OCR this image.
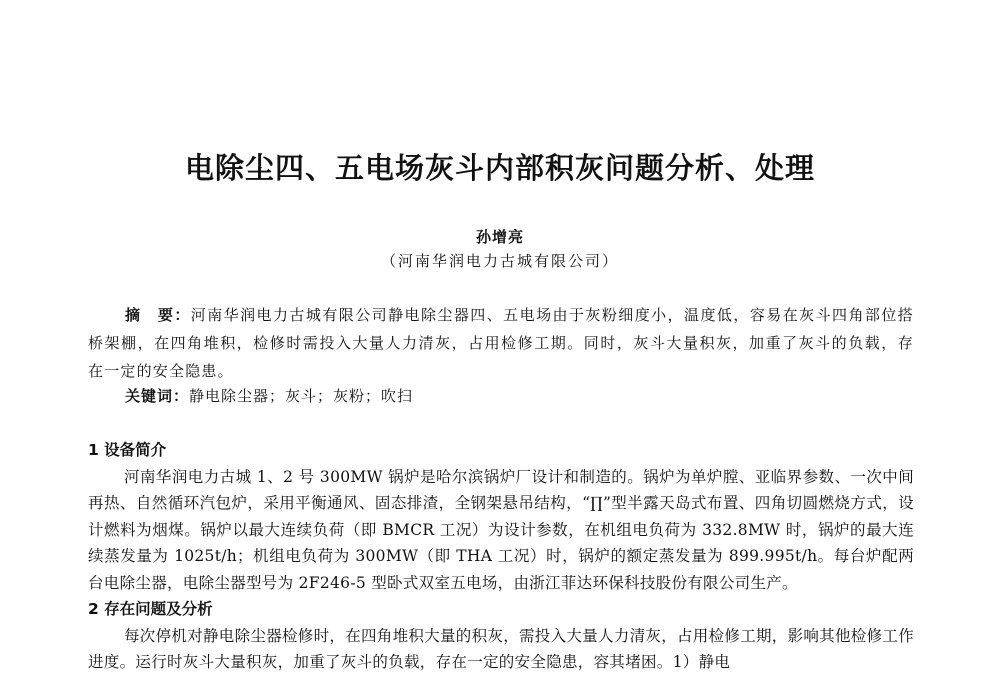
电除尘四、五电场灰斗内部积灰问题分析、处理
孙增亮
（河南华润电力古城有限公司）

摘　要：河南华润电力古城有限公司静电除尘器四、五电场由于灰粉细度小，温度低，容易在灰斗四角部位搭桥架棚，在四角堆积，检修时需投入大量人力清灰，占用检修工期。同时，灰斗大量积灰，加重了灰斗的负载，存在一定的安全隐患。

关键词：静电除尘器；灰斗；灰粉；吹扫
1 设备简介

河南华润电力古城 1、2 号 300MW 锅炉是哈尔滨锅炉厂设计和制造的。锅炉为单炉膛、亚临界参数、一次中间再热、自然循环汽包炉，采用平衡通风、固态排渣，全钢架悬吊结构，“∏”型半露天岛式布置、四角切圆燃烧方式，设计燃料为烟煤。锅炉以最大连续负荷（即 BMCR 工况）为设计参数，在机组电负荷为 332.8MW 时，锅炉的最大连续蒸发量为 1025t/h；机组电负荷为 300MW（即 THA 工况）时，锅炉的额定蒸发量为 899.995t/h。每台炉配两台电除尘器，电除尘器型号为 2F246-5 型卧式双室五电场，由浙江菲达环保科技股份有限公司生产。

2 存在问题及分析

每次停机对静电除尘器检修时，在四角堆积大量的积灰，需投入大量人力清灰，占用检修工期，影响其他检修工作进度。运行时灰斗大量积灰，加重了灰斗的负载，存在一定的安全隐患，容其堵困。1）静电
